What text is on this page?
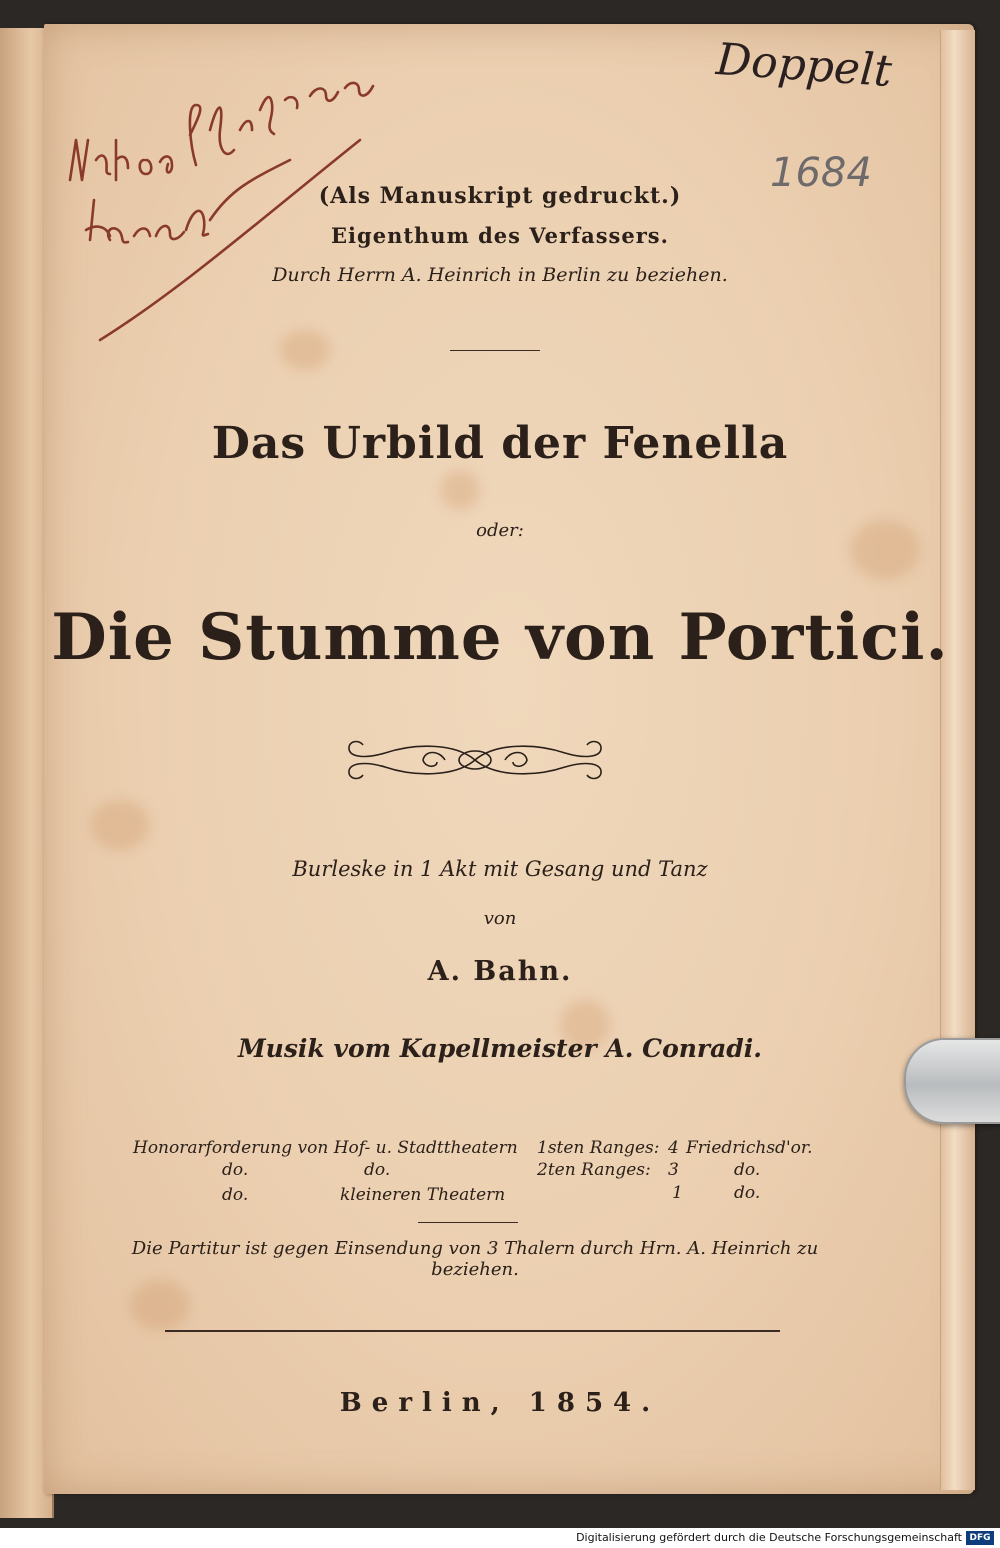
(Als Manuskript gedruckt.)
Eigenthum des Verfassers.
Durch Herrn A. Heinrich in Berlin zu beziehen.
Das Urbild der Fenella
oder:
Die Stumme von Portici.
Burleske in 1 Akt mit Gesang und Tanz
von
A. Bahn.
Musik vom Kapellmeister A. Conradi.
Honorarforderung von Hof- u. Stadttheatern 1sten Ranges: 4 Friedrichsd'or.
do.	do.	2ten Ranges: 3	do.
do.	kleineren Theatern	1	do.
Die Partitur ist gegen Einsendung von 3 Thalern durch Hrn. A. Heinrich zu beziehen.
Berlin, 1854.
Doppelt
1684
Digitalisierung gefördert durch die Deutsche Forschungsgemeinschaft DFG
